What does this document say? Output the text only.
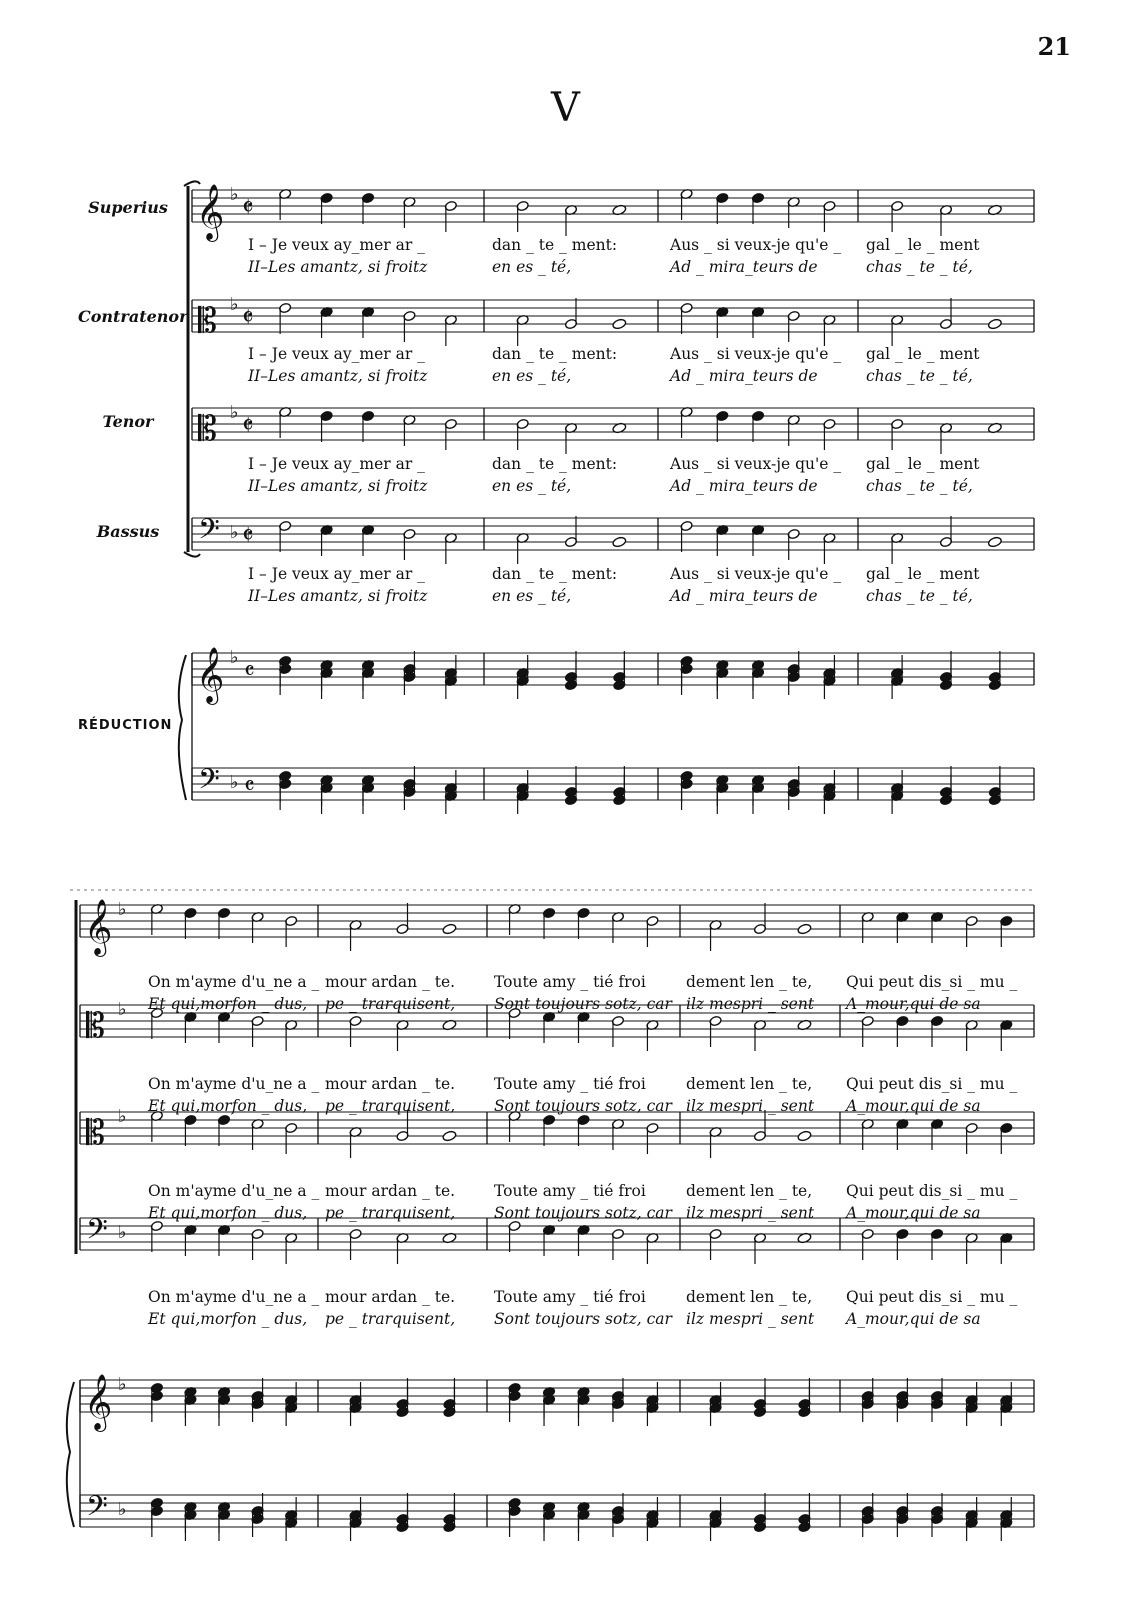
21
V
Superius
Contratenor
Tenor
Bassus
RÉDUCTION
𝄞 ♭ 𝄵
𝄡 ♭ 𝄵
𝄡 ♭ 𝄵
𝄢 ♭ 𝄵
𝄞 ♭ 𝄴
𝄢 ♭ 𝄴
𝄞 ♭
𝄡 ♭
𝄡 ♭
𝄢 ♭
𝄞 ♭
𝄢 ♭
I – Je veux ay_mer ar _
II–Les amantz, si froitz
dan _ te _ ment:
en es _ té,
Aus _ si veux-je qu'e _
Ad _ mira_teurs de
gal _ le _ ment
chas _ te _ té,
I – Je veux ay_mer ar _
II–Les amantz, si froitz
dan _ te _ ment:
en es _ té,
Aus _ si veux-je qu'e _
Ad _ mira_teurs de
gal _ le _ ment
chas _ te _ té,
I – Je veux ay_mer ar _
II–Les amantz, si froitz
dan _ te _ ment:
en es _ té,
Aus _ si veux-je qu'e _
Ad _ mira_teurs de
gal _ le _ ment
chas _ te _ té,
I – Je veux ay_mer ar _
II–Les amantz, si froitz
dan _ te _ ment:
en es _ té,
Aus _ si veux-je qu'e _
Ad _ mira_teurs de
gal _ le _ ment
chas _ te _ té,
On m'ayme d'u_ne a _
Et qui,morfon _ dus,
mour ardan _ te.
pe _ trarquisent,
Toute amy _ tié froi
Sont toujours sotz, car
dement len _ te,
ilz mespri _ sent
Qui peut dis_si _ mu _
A_mour,qui de sa
On m'ayme d'u_ne a _
Et qui,morfon _ dus,
mour ardan _ te.
pe _ trarquisent,
Toute amy _ tié froi
Sont toujours sotz, car
dement len _ te,
ilz mespri _ sent
Qui peut dis_si _ mu _
A_mour,qui de sa
On m'ayme d'u_ne a _
Et qui,morfon _ dus,
mour ardan _ te.
pe _ trarquisent,
Toute amy _ tié froi
Sont toujours sotz, car
dement len _ te,
ilz mespri _ sent
Qui peut dis_si _ mu _
A_mour,qui de sa
On m'ayme d'u_ne a _
Et qui,morfon _ dus,
mour ardan _ te.
pe _ trarquisent,
Toute amy _ tié froi
Sont toujours sotz, car
dement len _ te,
ilz mespri _ sent
Qui peut dis_si _ mu _
A_mour,qui de sa
